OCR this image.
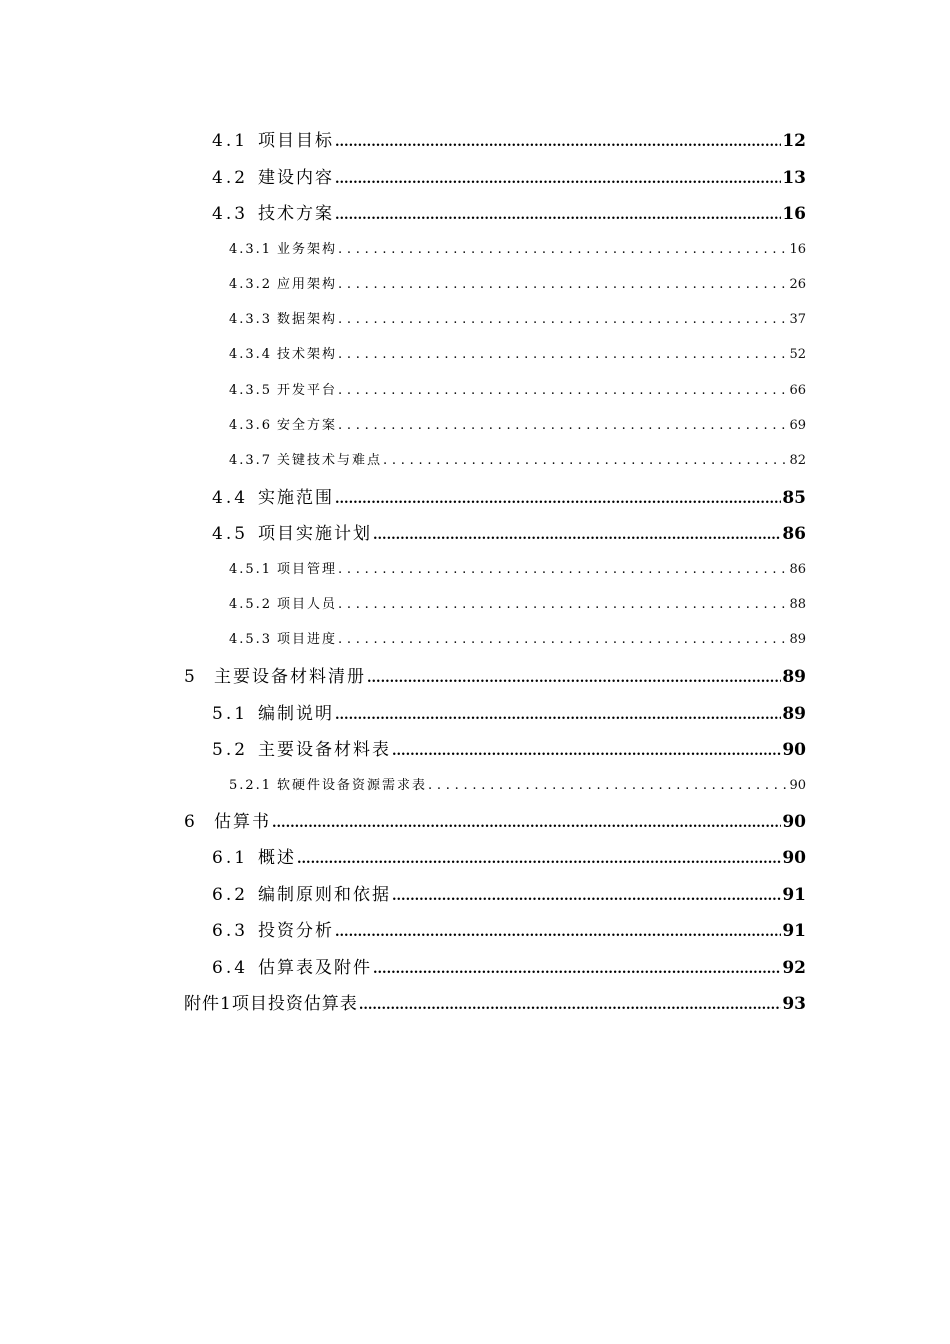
4.1 项目目标 .....	12
4.2 建设内容 .....	13
4.3 技术方案 .....	16
4.3.1 业务架构 . . .	16
4.3.2 应用架构 . . .	26
4.3.3 数据架构 . . .	37
4.3.4 技术架构 . . .	52
4.3.5 开发平台 . . .	66
4.3.6 安全方案 . . .	69
4.3.7 关键技术与难点 . . .	82
4.4 实施范围 .....	85
4.5 项目实施计划 .....	86
4.5.1 项目管理 . . .	86
4.5.2 项目人员 . . .	88
4.5.3 项目进度 . . .	89
5	主要设备材料清册 .....	89
5.1 编制说明 .....	89
5.2 主要设备材料表 .....	90
5.2.1 软硬件设备资源需求表 . . .	90
6	估算书 .....	90
6.1 概述 .....	90
6.2 编制原则和依据 .....	91
6.3 投资分析 .....	91
6.4 估算表及附件 .....	92
附件1项目投资估算表 .....	93
